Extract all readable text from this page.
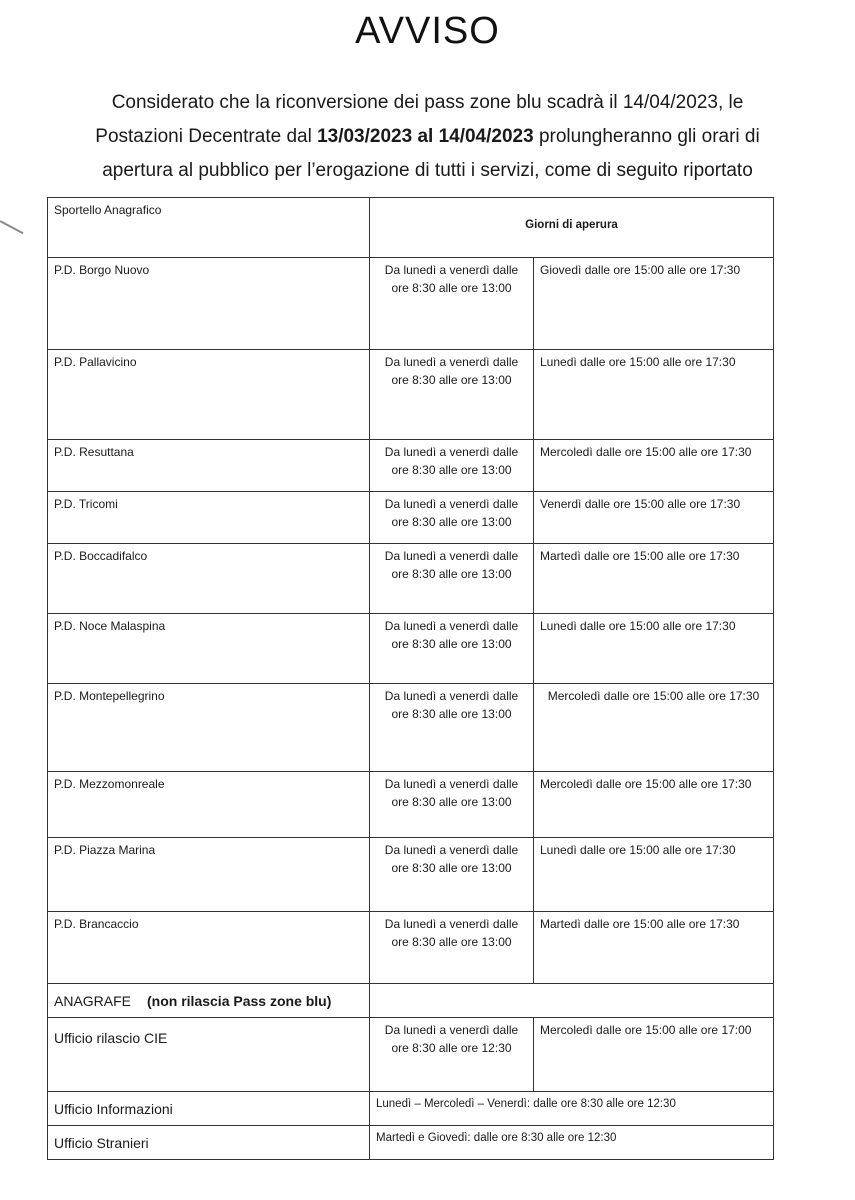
AVVISO
Considerato che la riconversione dei pass zone blu scadrà il 14/04/2023, le
Postazioni Decentrate dal 13/03/2023 al 14/04/2023 prolungheranno gli orari di
apertura al pubblico per l’erogazione di tutti i servizi, come di seguito riportato
Sportello Anagrafico	Giorni di aperura	
P.D. Borgo Nuovo	Da lunedì a venerdì dalle ore 8:30 alle ore 13:00	Giovedì dalle ore 15:00 alle ore 17:30
P.D. Pallavicino	Da lunedì a venerdì dalle ore 8:30 alle ore 13:00	Lunedì dalle ore 15:00 alle ore 17:30
P.D. Resuttana	Da lunedì a venerdì dalle ore 8:30 alle ore 13:00	Mercoledì dalle ore 15:00 alle ore 17:30
P.D. Tricomi	Da lunedì a venerdì dalle ore 8:30 alle ore 13:00	Venerdì dalle ore 15:00 alle ore 17:30
P.D. Boccadifalco	Da lunedì a venerdì dalle ore 8:30 alle ore 13:00	Martedì dalle ore 15:00 alle ore 17:30
P.D. Noce Malaspina	Da lunedì a venerdì dalle ore 8:30 alle ore 13:00	Lunedì dalle ore 15:00 alle ore 17:30
P.D. Montepellegrino	Da lunedì a venerdì dalle ore 8:30 alle ore 13:00	Mercoledì dalle ore 15:00 alle ore 17:30
P.D. Mezzomonreale	Da lunedì a venerdì dalle ore 8:30 alle ore 13:00	Mercoledì dalle ore 15:00 alle ore 17:30
P.D. Piazza Marina	Da lunedì a venerdì dalle ore 8:30 alle ore 13:00	Lunedì dalle ore 15:00 alle ore 17:30
P.D. Brancaccio	Da lunedì a venerdì dalle ore 8:30 alle ore 13:00	Martedì dalle ore 15:00 alle ore 17:30
ANAGRAFE (non rilascia Pass zone blu)		
Ufficio rilascio CIE	Da lunedì a venerdì dalle ore 8:30 alle ore 12:30	Mercoledì dalle ore 15:00 alle ore 17:00
Ufficio Informazioni	Lunedì – Mercoledì – Venerdì: dalle ore 8:30 alle ore 12:30	
Ufficio Stranieri	Martedì e Giovedì: dalle ore 8:30 alle ore 12:30	
